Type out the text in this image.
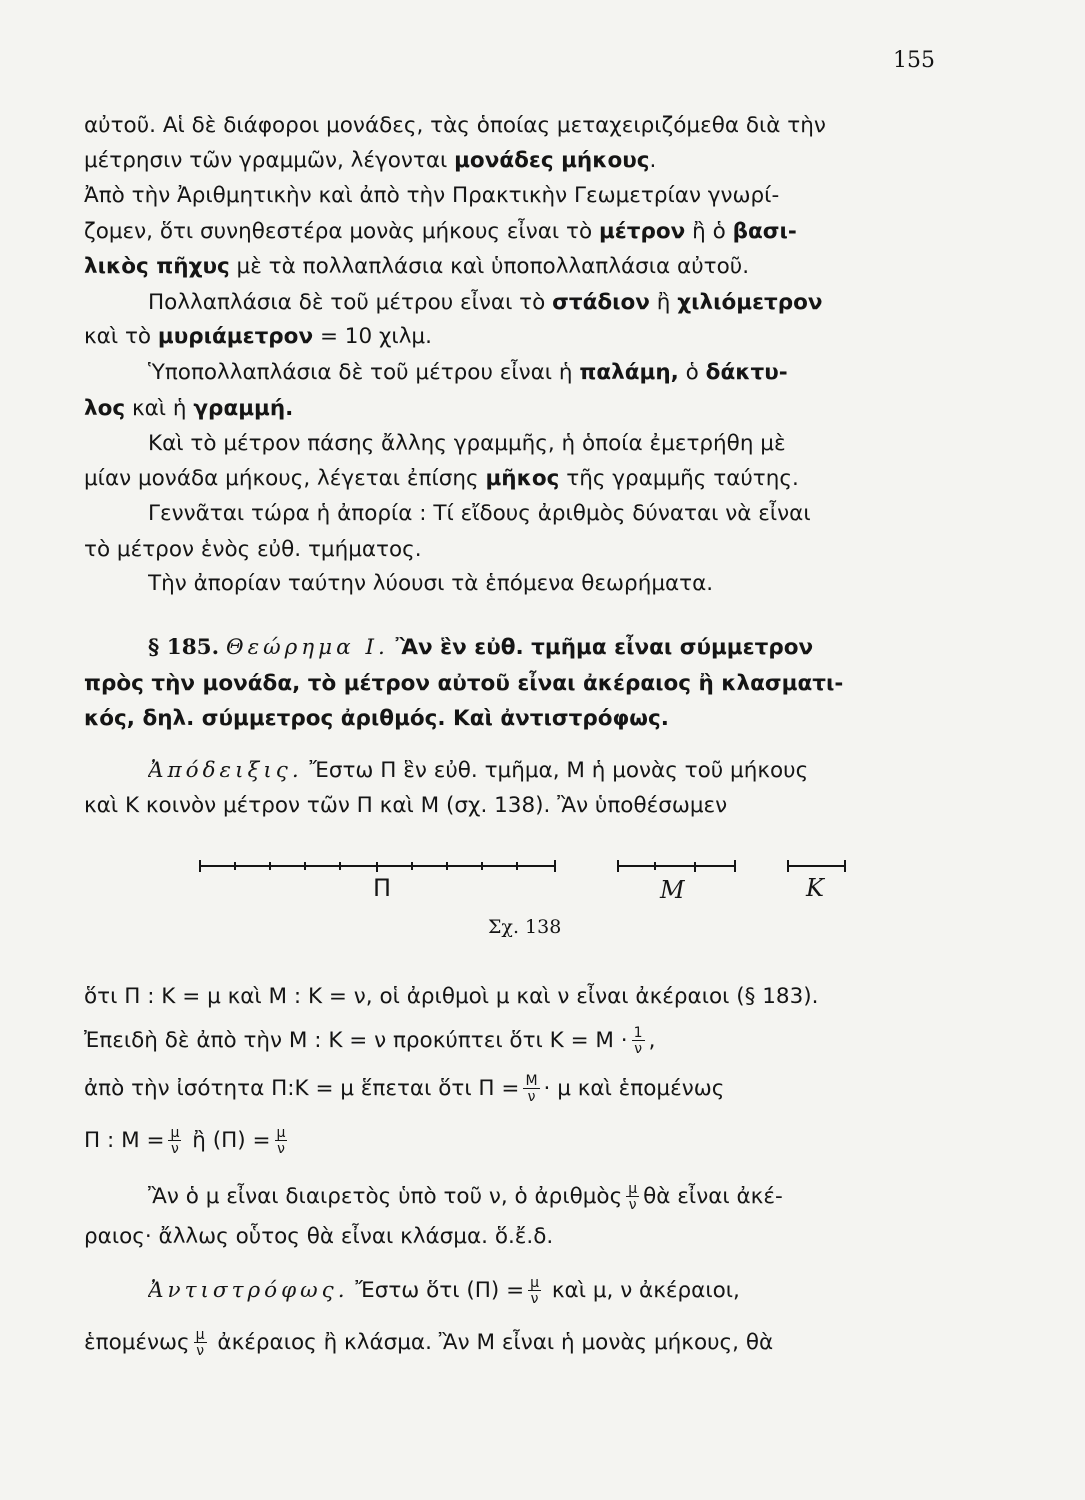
155
αὐτοῦ. Αἱ δὲ διάφοροι μονάδες, τὰς ὁποίας μεταχειριζόμεθα διὰ τὴν
μέτρησιν τῶν γραμμῶν, λέγονται μονάδες μήκους.
Ἀπὸ τὴν Ἀριθμητικὴν καὶ ἀπὸ τὴν Πρακτικὴν Γεωμετρίαν γνωρί-
ζομεν, ὅτι συνηθεστέρα μονὰς μήκους εἶναι τὸ μέτρον ἢ ὁ βασι-
λικὸς πῆχυς μὲ τὰ πολλαπλάσια καὶ ὑποπολλαπλάσια αὐτοῦ.
Πολλαπλάσια δὲ τοῦ μέτρου εἶναι τὸ στάδιον ἢ χιλιόμετρον
καὶ τὸ μυριάμετρον = 10 χιλμ.
Ὑποπολλαπλάσια δὲ τοῦ μέτρου εἶναι ἡ παλάμη, ὁ δάκτυ-
λος καὶ ἡ γραμμή.
Καὶ τὸ μέτρον πάσης ἄλλης γραμμῆς, ἡ ὁποία ἐμετρήθη μὲ
μίαν μονάδα μήκους, λέγεται ἐπίσης μῆκος τῆς γραμμῆς ταύτης.
Γεννᾶται τώρα ἡ ἀπορία : Τί εἴδους ἀριθμὸς δύναται νὰ εἶναι
τὸ μέτρον ἑνὸς εὐθ. τμήματος.
Τὴν ἀπορίαν ταύτην λύουσι τὰ ἑπόμενα θεωρήματα.
§ 185. Θεώρημα Ι. Ἂν ἓν εὐθ. τμῆμα εἶναι σύμμετρον
πρὸς τὴν μονάδα, τὸ μέτρον αὐτοῦ εἶναι ἀκέραιος ἢ κλασματι-
κός, δηλ. σύμμετρος ἀριθμός. Καὶ ἀντιστρόφως.
Ἀπόδειξις. Ἔστω Π ἓν εὐθ. τμῆμα, Μ ἡ μονὰς τοῦ μήκους
καὶ Κ κοινὸν μέτρον τῶν Π καὶ Μ (σχ. 138). Ἂν ὑποθέσωμεν
Π	Μ	Κ
Σχ. 138
ὅτι Π : Κ = μ καὶ Μ : Κ = ν, οἱ ἀριθμοὶ μ καὶ ν εἶναι ἀκέραιοι (§ 183).
Ἐπειδὴ δὲ ἀπὸ τὴν Μ : Κ = ν προκύπτει ὅτι $K = M \cdot \frac{1}{\nu}$ ,
ἀπὸ τὴν ἰσότητα Π:Κ = μ ἕπεται ὅτι $\Pi = \frac{M}{\nu} \cdot \mu$ καὶ ἑπομένως
Π : $M = \frac{\mu}{\nu}$ ἢ $(\Pi) = \frac{\mu}{\nu}$
Ἂν ὁ μ εἶναι διαιρετὸς ὑπὸ τοῦ ν, ὁ ἀριθμὸς $\frac{\mu}{\nu}$ θὰ εἶναι ἀκέ-
ραιος· ἄλλως οὗτος θὰ εἶναι κλάσμα. ὅ.ἔ.δ.
Ἀντιστρόφως. Ἔστω ὅτι $(\Pi) = \frac{\mu}{\nu}$ καὶ μ, ν ἀκέραιοι,
ἑπομένως $\frac{\mu}{\nu}$ ἀκέραιος ἢ κλάσμα. Ἂν Μ εἶναι ἡ μονὰς μήκους, θὰ
